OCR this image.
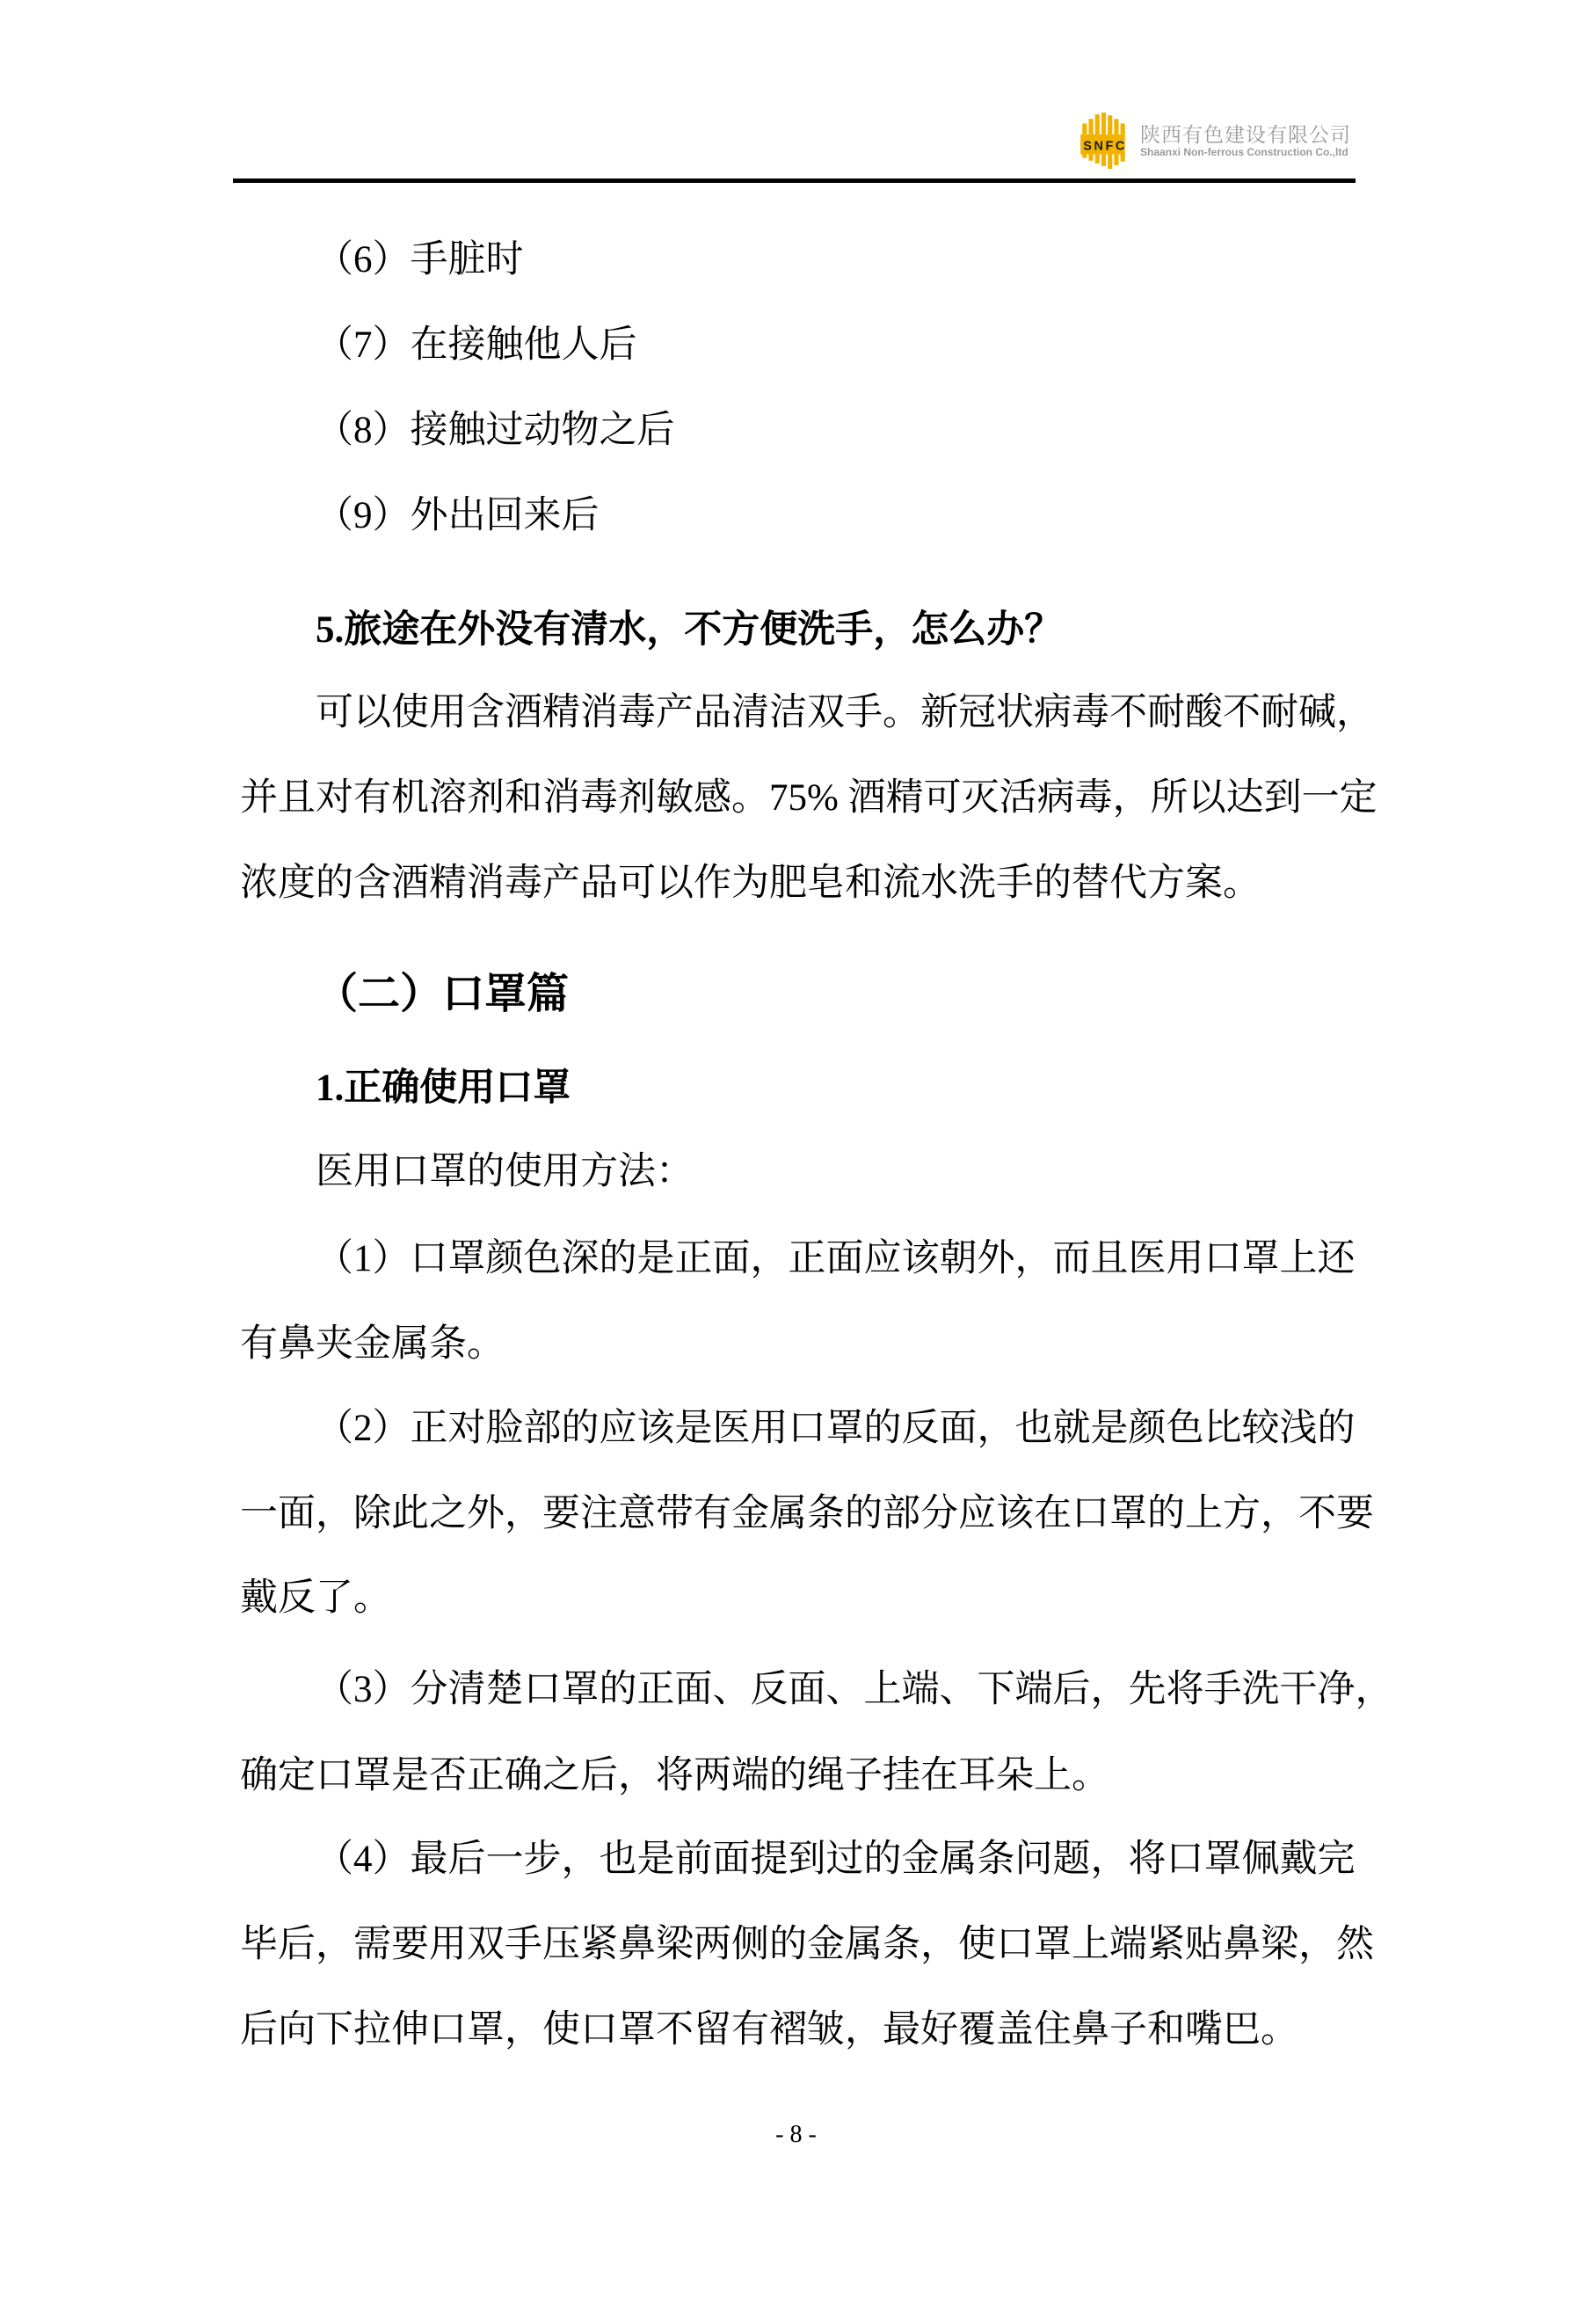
SNFC
陕西有色建设有限公司
Shaanxi Non-ferrous Construction Co.,ltd
（6）手脏时
（7）在接触他人后
（8）接触过动物之后
（9）外出回来后
5.旅途在外没有清水，不方便洗手，怎么办？
可以使用含酒精消毒产品清洁双手。新冠状病毒不耐酸不耐碱，
并且对有机溶剂和消毒剂敏感。75% 酒精可灭活病毒，所以达到一定
浓度的含酒精消毒产品可以作为肥皂和流水洗手的替代方案。
（二）口罩篇
1.正确使用口罩
医用口罩的使用方法：
（1）口罩颜色深的是正面，正面应该朝外，而且医用口罩上还
有鼻夹金属条。
（2）正对脸部的应该是医用口罩的反面，也就是颜色比较浅的
一面，除此之外，要注意带有金属条的部分应该在口罩的上方，不要
戴反了。
（3）分清楚口罩的正面、反面、上端、下端后，先将手洗干净，
确定口罩是否正确之后，将两端的绳子挂在耳朵上。
（4）最后一步，也是前面提到过的金属条问题，将口罩佩戴完
毕后，需要用双手压紧鼻梁两侧的金属条，使口罩上端紧贴鼻梁，然
后向下拉伸口罩，使口罩不留有褶皱，最好覆盖住鼻子和嘴巴。
- 8 -
